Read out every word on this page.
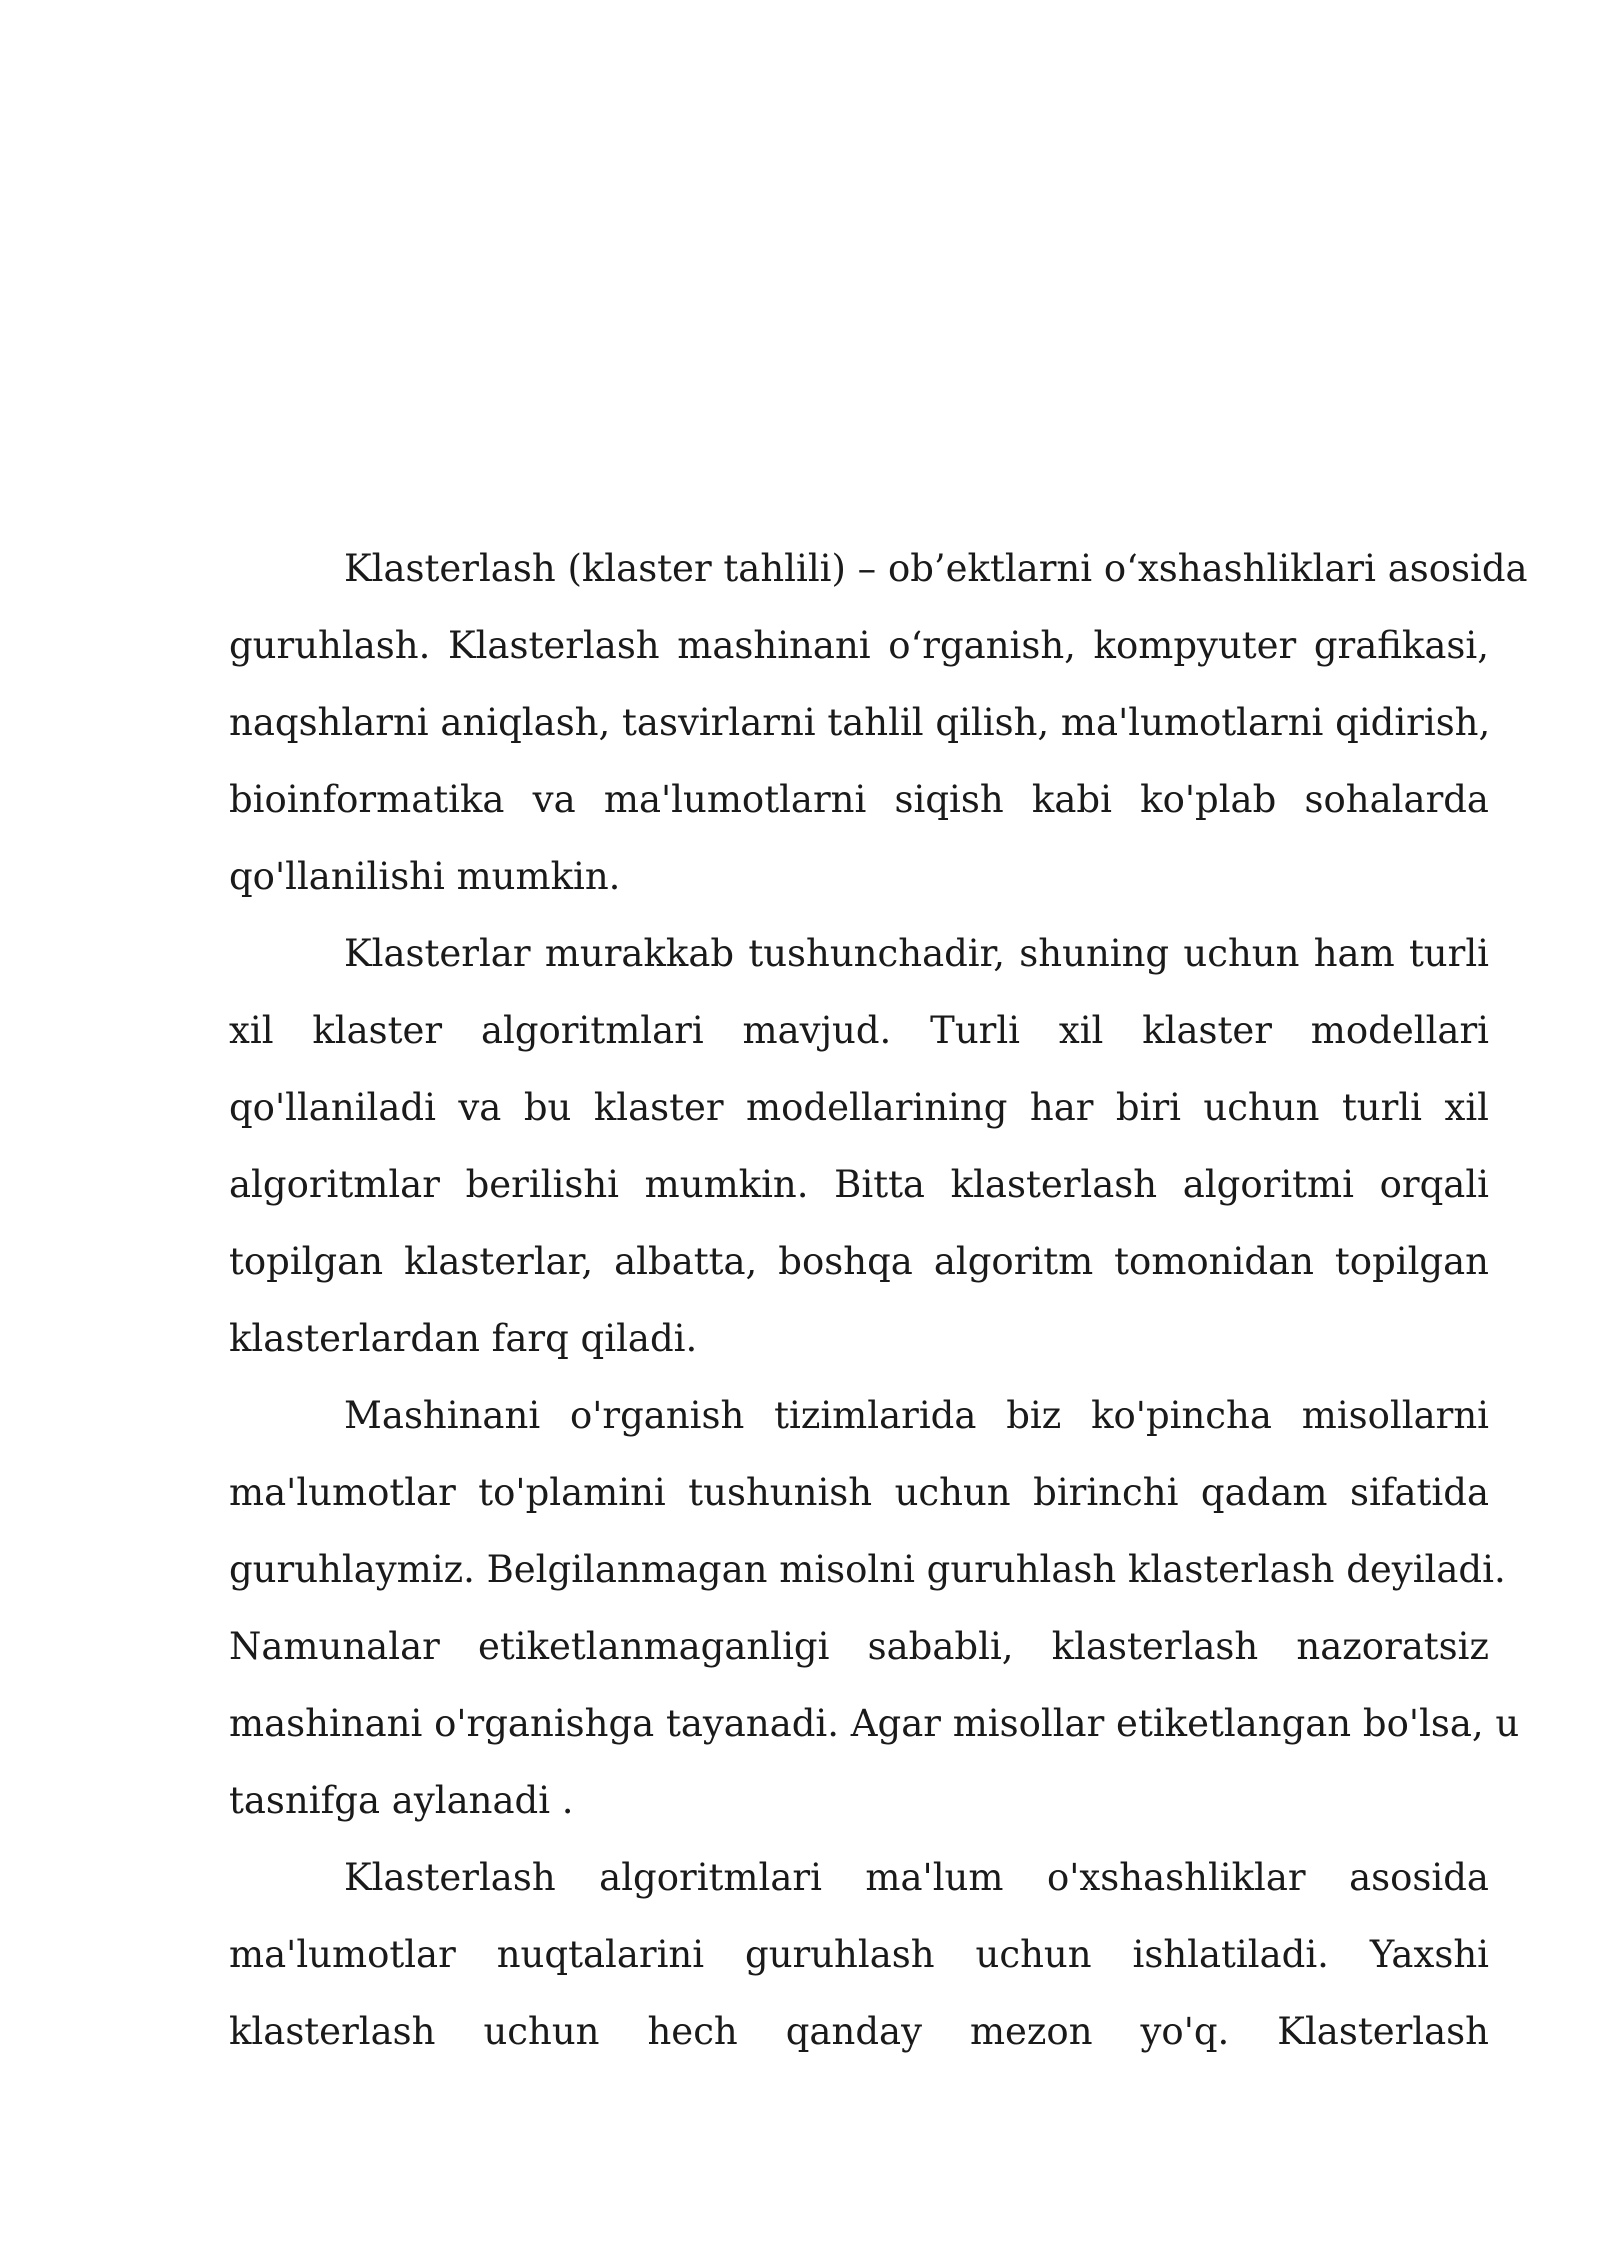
Klasterlash (klaster tahlili) – ob’ektlarni o‘xshashliklari asosida
guruhlash. Klasterlash mashinani o‘rganish, kompyuter grafikasi,
naqshlarni aniqlash, tasvirlarni tahlil qilish, ma'lumotlarni qidirish,
bioinformatika va ma'lumotlarni siqish kabi ko'plab sohalarda
qo'llanilishi mumkin.

Klasterlar murakkab tushunchadir, shuning uchun ham turli
xil klaster algoritmlari mavjud. Turli xil klaster modellari
qo'llaniladi va bu klaster modellarining har biri uchun turli xil
algoritmlar berilishi mumkin. Bitta klasterlash algoritmi orqali
topilgan klasterlar, albatta, boshqa algoritm tomonidan topilgan
klasterlardan farq qiladi.

Mashinani o'rganish tizimlarida biz ko'pincha misollarni
ma'lumotlar to'plamini tushunish uchun birinchi qadam sifatida
guruhlaymiz. Belgilanmagan misolni guruhlash klasterlash deyiladi.
Namunalar etiketlanmaganligi sababli, klasterlash nazoratsiz
mashinani o'rganishga tayanadi. Agar misollar etiketlangan bo'lsa, u
tasnifga aylanadi .

Klasterlash algoritmlari ma'lum o'xshashliklar asosida
ma'lumotlar nuqtalarini guruhlash uchun ishlatiladi. Yaxshi
klasterlash uchun hech qanday mezon yo'q. Klasterlash
